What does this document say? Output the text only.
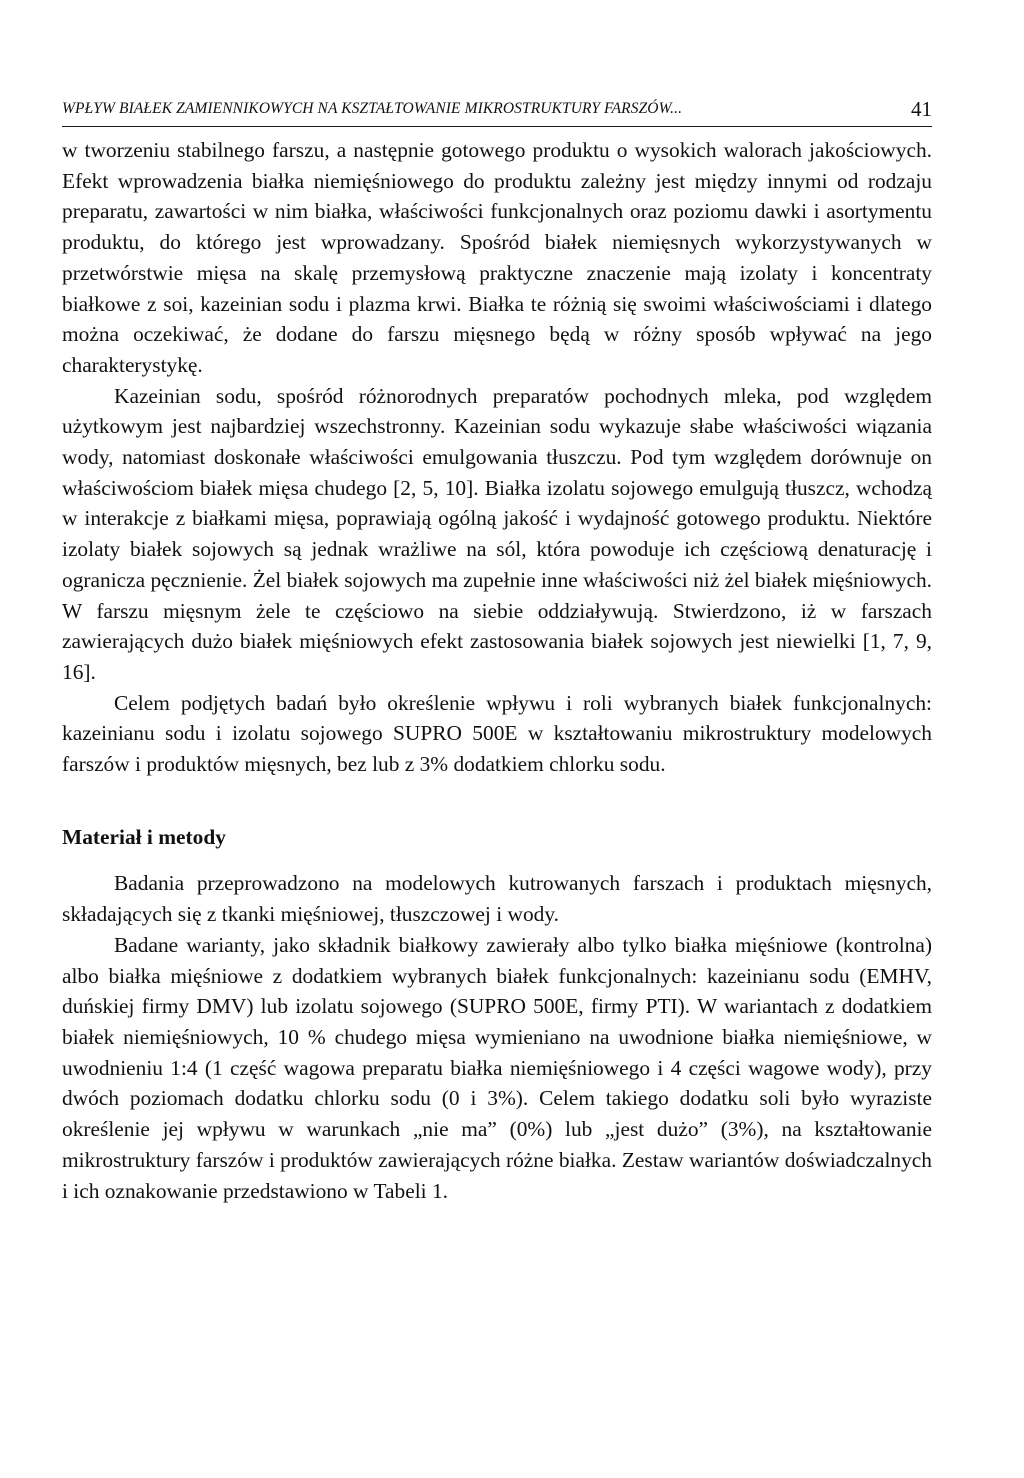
WPŁYW BIAŁEK ZAMIENNIKOWYCH NA KSZTAŁTOWANIE MIKROSTRUKTURY FARSZÓW...	41

w tworzeniu stabilnego farszu, a następnie gotowego produktu o wysokich walorach jakościowych. Efekt wprowadzenia białka niemięśniowego do produktu zależny jest między innymi od rodzaju preparatu, zawartości w nim białka, właściwości funkcjonalnych oraz poziomu dawki i asortymentu produktu, do którego jest wprowadzany. Spośród białek niemięsnych wykorzystywanych w przetwórstwie mięsa na skalę przemysłową praktyczne znaczenie mają izolaty i koncentraty białkowe z soi, kazeinian sodu i plazma krwi. Białka te różnią się swoimi właściwościami i dlatego można oczekiwać, że dodane do farszu mięsnego będą w różny sposób wpływać na jego charakterystykę.

Kazeinian sodu, spośród różnorodnych preparatów pochodnych mleka, pod względem użytkowym jest najbardziej wszechstronny. Kazeinian sodu wykazuje słabe właściwości wiązania wody, natomiast doskonałe właściwości emulgowania tłuszczu. Pod tym względem dorównuje on właściwościom białek mięsa chudego [2, 5, 10]. Białka izolatu sojowego emulgują tłuszcz, wchodzą w interakcje z białkami mięsa, poprawiają ogólną jakość i wydajność gotowego produktu. Niektóre izolaty białek sojowych są jednak wrażliwe na sól, która powoduje ich częściową denaturację i ogranicza pęcznienie. Żel białek sojowych ma zupełnie inne właściwości niż żel białek mięśniowych. W farszu mięsnym żele te częściowo na siebie oddziaływują. Stwierdzono, iż w farszach zawierających dużo białek mięśniowych efekt zastosowania białek sojowych jest niewielki [1, 7, 9, 16].

Celem podjętych badań było określenie wpływu i roli wybranych białek funkcjonalnych: kazeinianu sodu i izolatu sojowego SUPRO 500E w kształtowaniu mikrostruktury modelowych farszów i produktów mięsnych, bez lub z 3% dodatkiem chlorku sodu.

Materiał i metody

Badania przeprowadzono na modelowych kutrowanych farszach i produktach mięsnych, składających się z tkanki mięśniowej, tłuszczowej i wody.

Badane warianty, jako składnik białkowy zawierały albo tylko białka mięśniowe (kontrolna) albo białka mięśniowe z dodatkiem wybranych białek funkcjonalnych: kazeinianu sodu (EMHV, duńskiej firmy DMV) lub izolatu sojowego (SUPRO 500E, firmy PTI). W wariantach z dodatkiem białek niemięśniowych, 10 % chudego mięsa wymieniano na uwodnione białka niemięśniowe, w uwodnieniu 1:4 (1 część wagowa preparatu białka niemięśniowego i 4 części wagowe wody), przy dwóch poziomach dodatku chlorku sodu (0 i 3%). Celem takiego dodatku soli było wyraziste określenie jej wpływu w warunkach „nie ma” (0%) lub „jest dużo” (3%), na kształtowanie mikrostruktury farszów i produktów zawierających różne białka. Zestaw wariantów doświadczalnych i ich oznakowanie przedstawiono w Tabeli 1.
